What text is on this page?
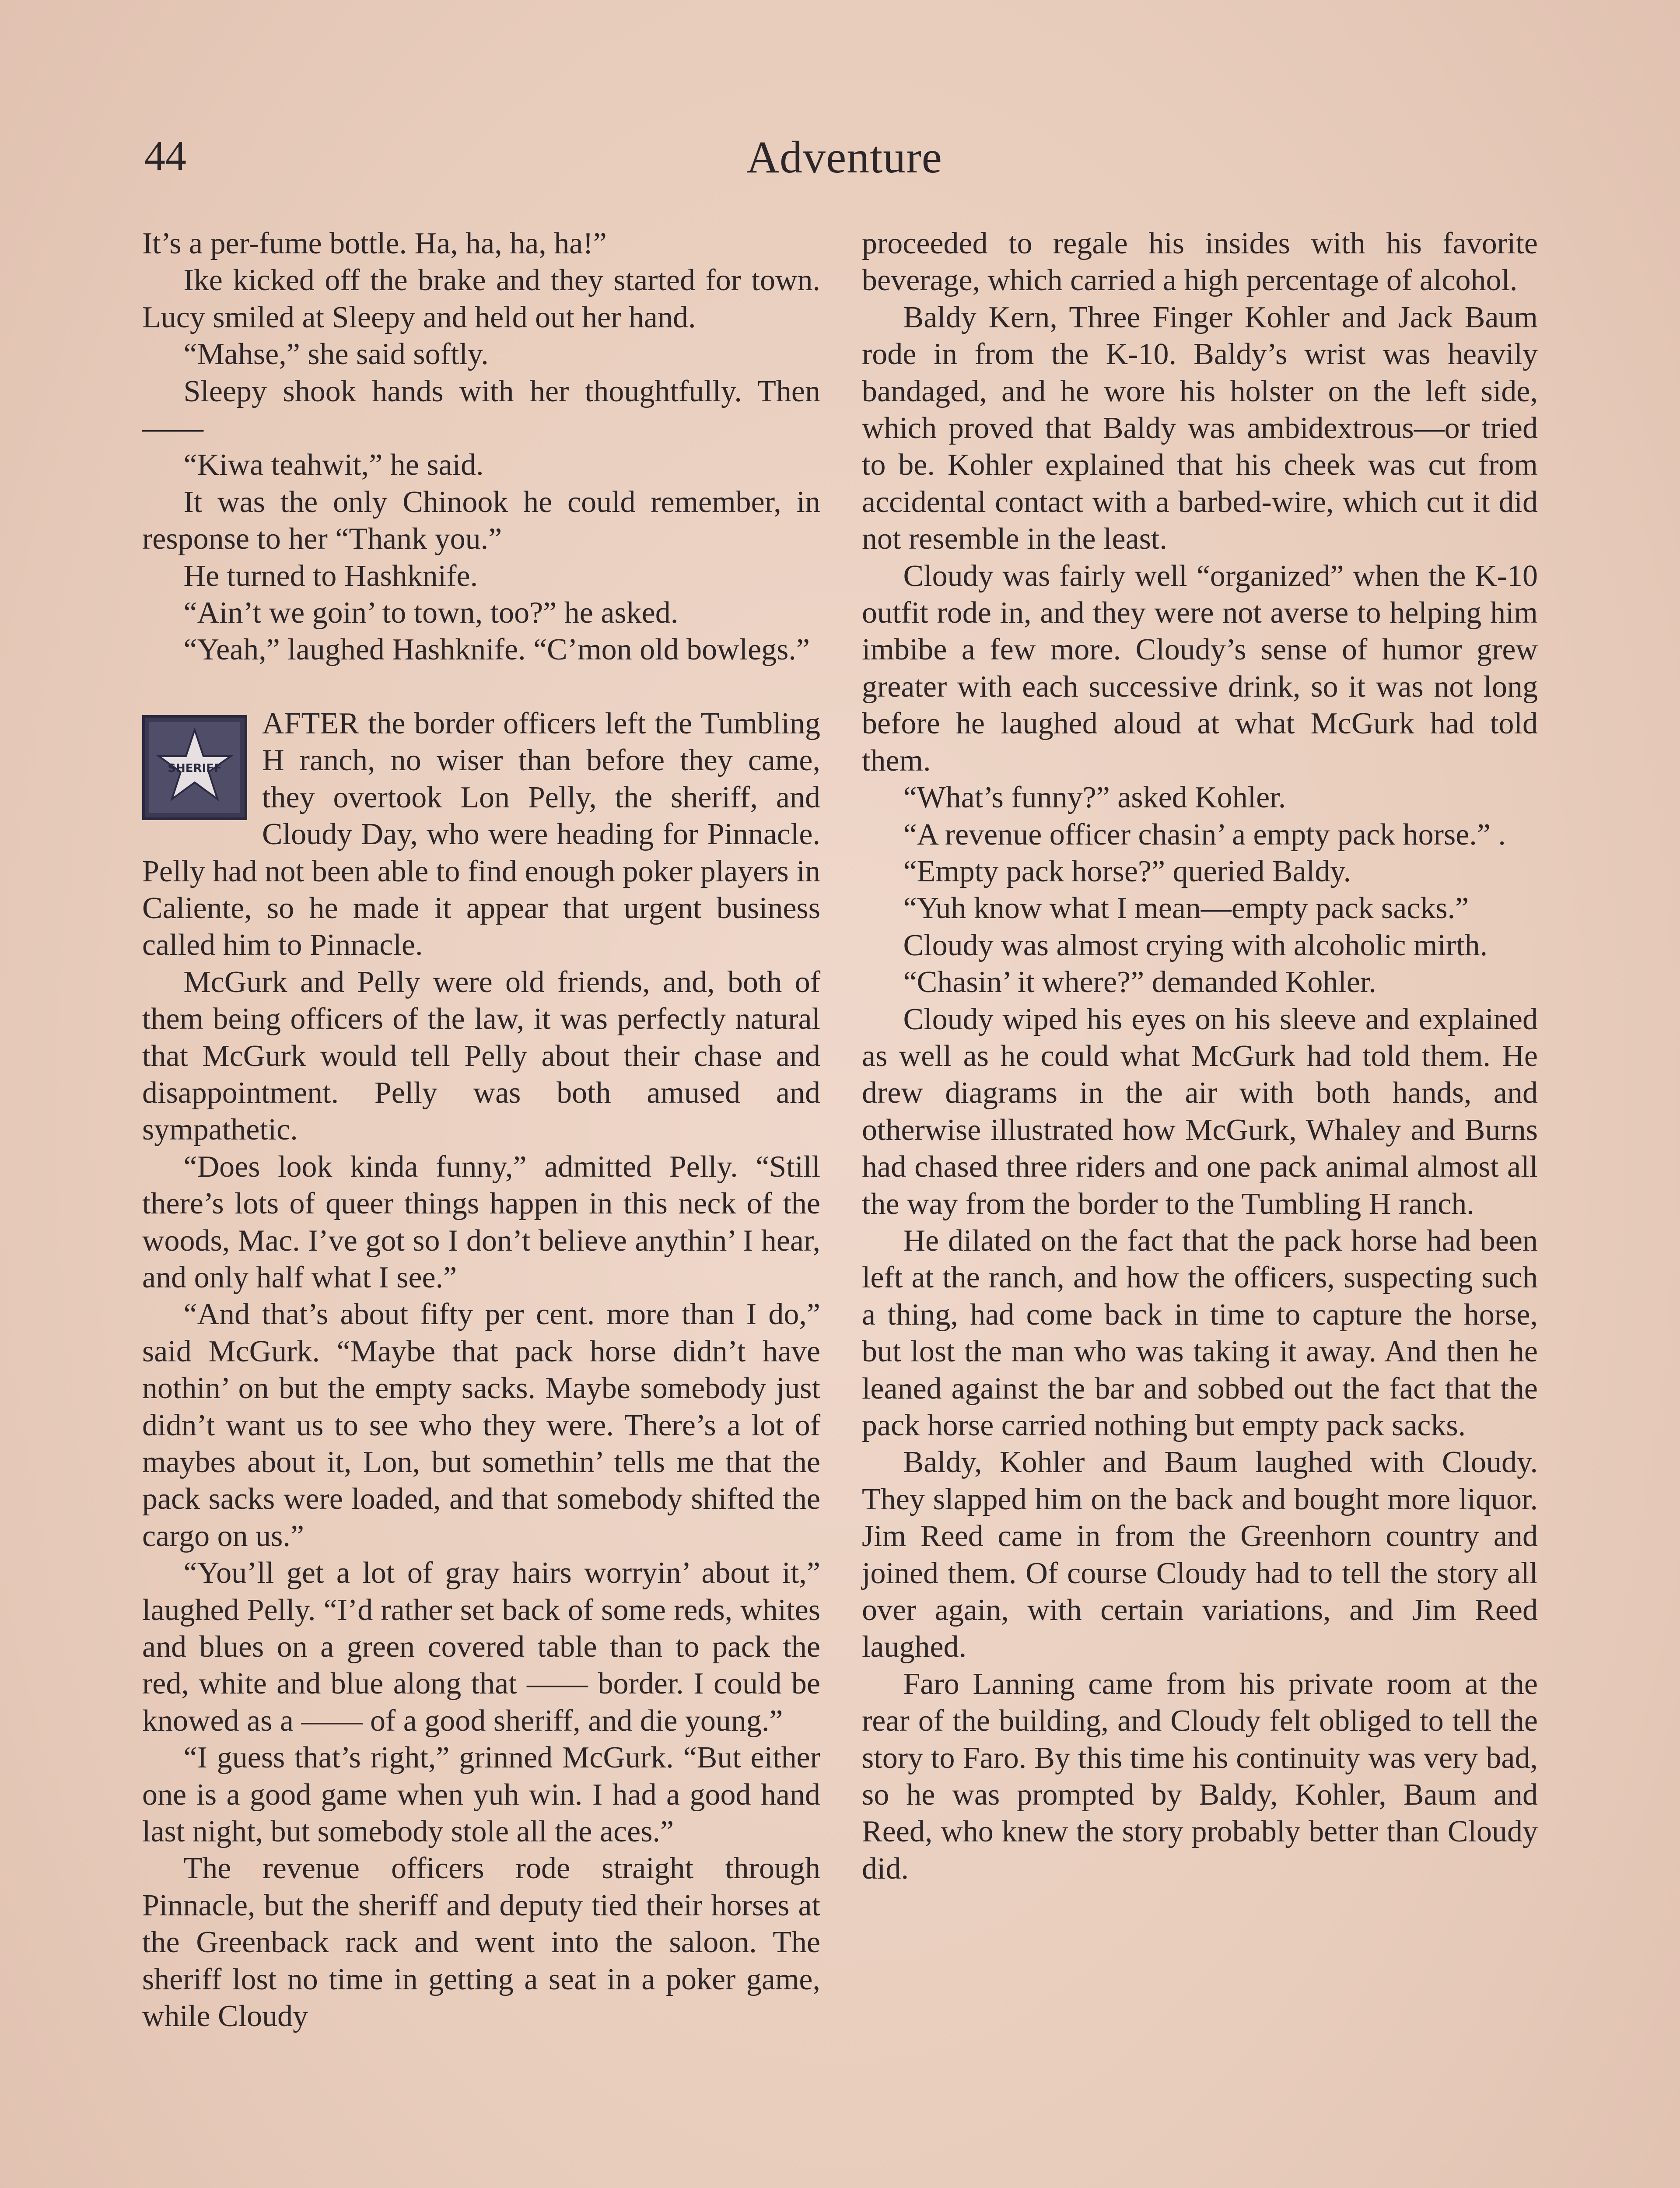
44	Adventure

It’s a per-fume bottle. Ha, ha, ha, ha!”

Ike kicked off the brake and they started for town. Lucy smiled at Sleepy and held out her hand.

“Mahse,” she said softly.

Sleepy shook hands with her thoughtfully. Then——

“Kiwa teahwit,” he said.

It was the only Chinook he could remember, in response to her “Thank you.”

He turned to Hashknife.

“Ain’t we goin’ to town, too?” he asked.

“Yeah,” laughed Hashknife. “C’mon old bowlegs.”

SHERIFF

AFTER the border officers left the Tumbling H ranch, no wiser than before they came, they overtook Lon Pelly, the sheriff, and Cloudy Day, who were heading for Pinnacle. Pelly had not been able to find enough poker players in Caliente, so he made it appear that urgent business called him to Pinnacle.

McGurk and Pelly were old friends, and, both of them being officers of the law, it was perfectly natural that McGurk would tell Pelly about their chase and disappointment. Pelly was both amused and sympathetic.

“Does look kinda funny,” admitted Pelly. “Still there’s lots of queer things happen in this neck of the woods, Mac. I’ve got so I don’t believe anythin’ I hear, and only half what I see.”

“And that’s about fifty per cent. more than I do,” said McGurk. “Maybe that pack horse didn’t have nothin’ on but the empty sacks. Maybe somebody just didn’t want us to see who they were. There’s a lot of maybes about it, Lon, but somethin’ tells me that the pack sacks were loaded, and that somebody shifted the cargo on us.”

“You’ll get a lot of gray hairs worryin’ about it,” laughed Pelly. “I’d rather set back of some reds, whites and blues on a green covered table than to pack the red, white and blue along that —— border. I could be knowed as a —— of a good sheriff, and die young.”

“I guess that’s right,” grinned McGurk. “But either one is a good game when yuh win. I had a good hand last night, but somebody stole all the aces.”

The revenue officers rode straight through Pinnacle, but the sheriff and deputy tied their horses at the Greenback rack and went into the saloon. The sheriff lost no time in getting a seat in a poker game, while Cloudy

proceeded to regale his insides with his favorite beverage, which carried a high percentage of alcohol.

Baldy Kern, Three Finger Kohler and Jack Baum rode in from the K-10. Baldy’s wrist was heavily bandaged, and he wore his holster on the left side, which proved that Baldy was ambidextrous—or tried to be. Kohler explained that his cheek was cut from accidental contact with a barbed-wire, which cut it did not resemble in the least.

Cloudy was fairly well “organized” when the K-10 outfit rode in, and they were not averse to helping him imbibe a few more. Cloudy’s sense of humor grew greater with each successive drink, so it was not long before he laughed aloud at what McGurk had told them.

“What’s funny?” asked Kohler.

“A revenue officer chasin’ a empty pack horse.” .

“Empty pack horse?” queried Baldy.

“Yuh know what I mean—empty pack sacks.”

Cloudy was almost crying with alcoholic mirth.

“Chasin’ it where?” demanded Kohler.

Cloudy wiped his eyes on his sleeve and explained as well as he could what McGurk had told them. He drew diagrams in the air with both hands, and otherwise illustrated how McGurk, Whaley and Burns had chased three riders and one pack animal almost all the way from the border to the Tumbling H ranch.

He dilated on the fact that the pack horse had been left at the ranch, and how the officers, suspecting such a thing, had come back in time to capture the horse, but lost the man who was taking it away. And then he leaned against the bar and sobbed out the fact that the pack horse carried nothing but empty pack sacks.

Baldy, Kohler and Baum laughed with Cloudy. They slapped him on the back and bought more liquor. Jim Reed came in from the Greenhorn country and joined them. Of course Cloudy had to tell the story all over again, with certain variations, and Jim Reed laughed.

Faro Lanning came from his private room at the rear of the building, and Cloudy felt obliged to tell the story to Faro. By this time his continuity was very bad, so he was prompted by Baldy, Kohler, Baum and Reed, who knew the story probably better than Cloudy did.
